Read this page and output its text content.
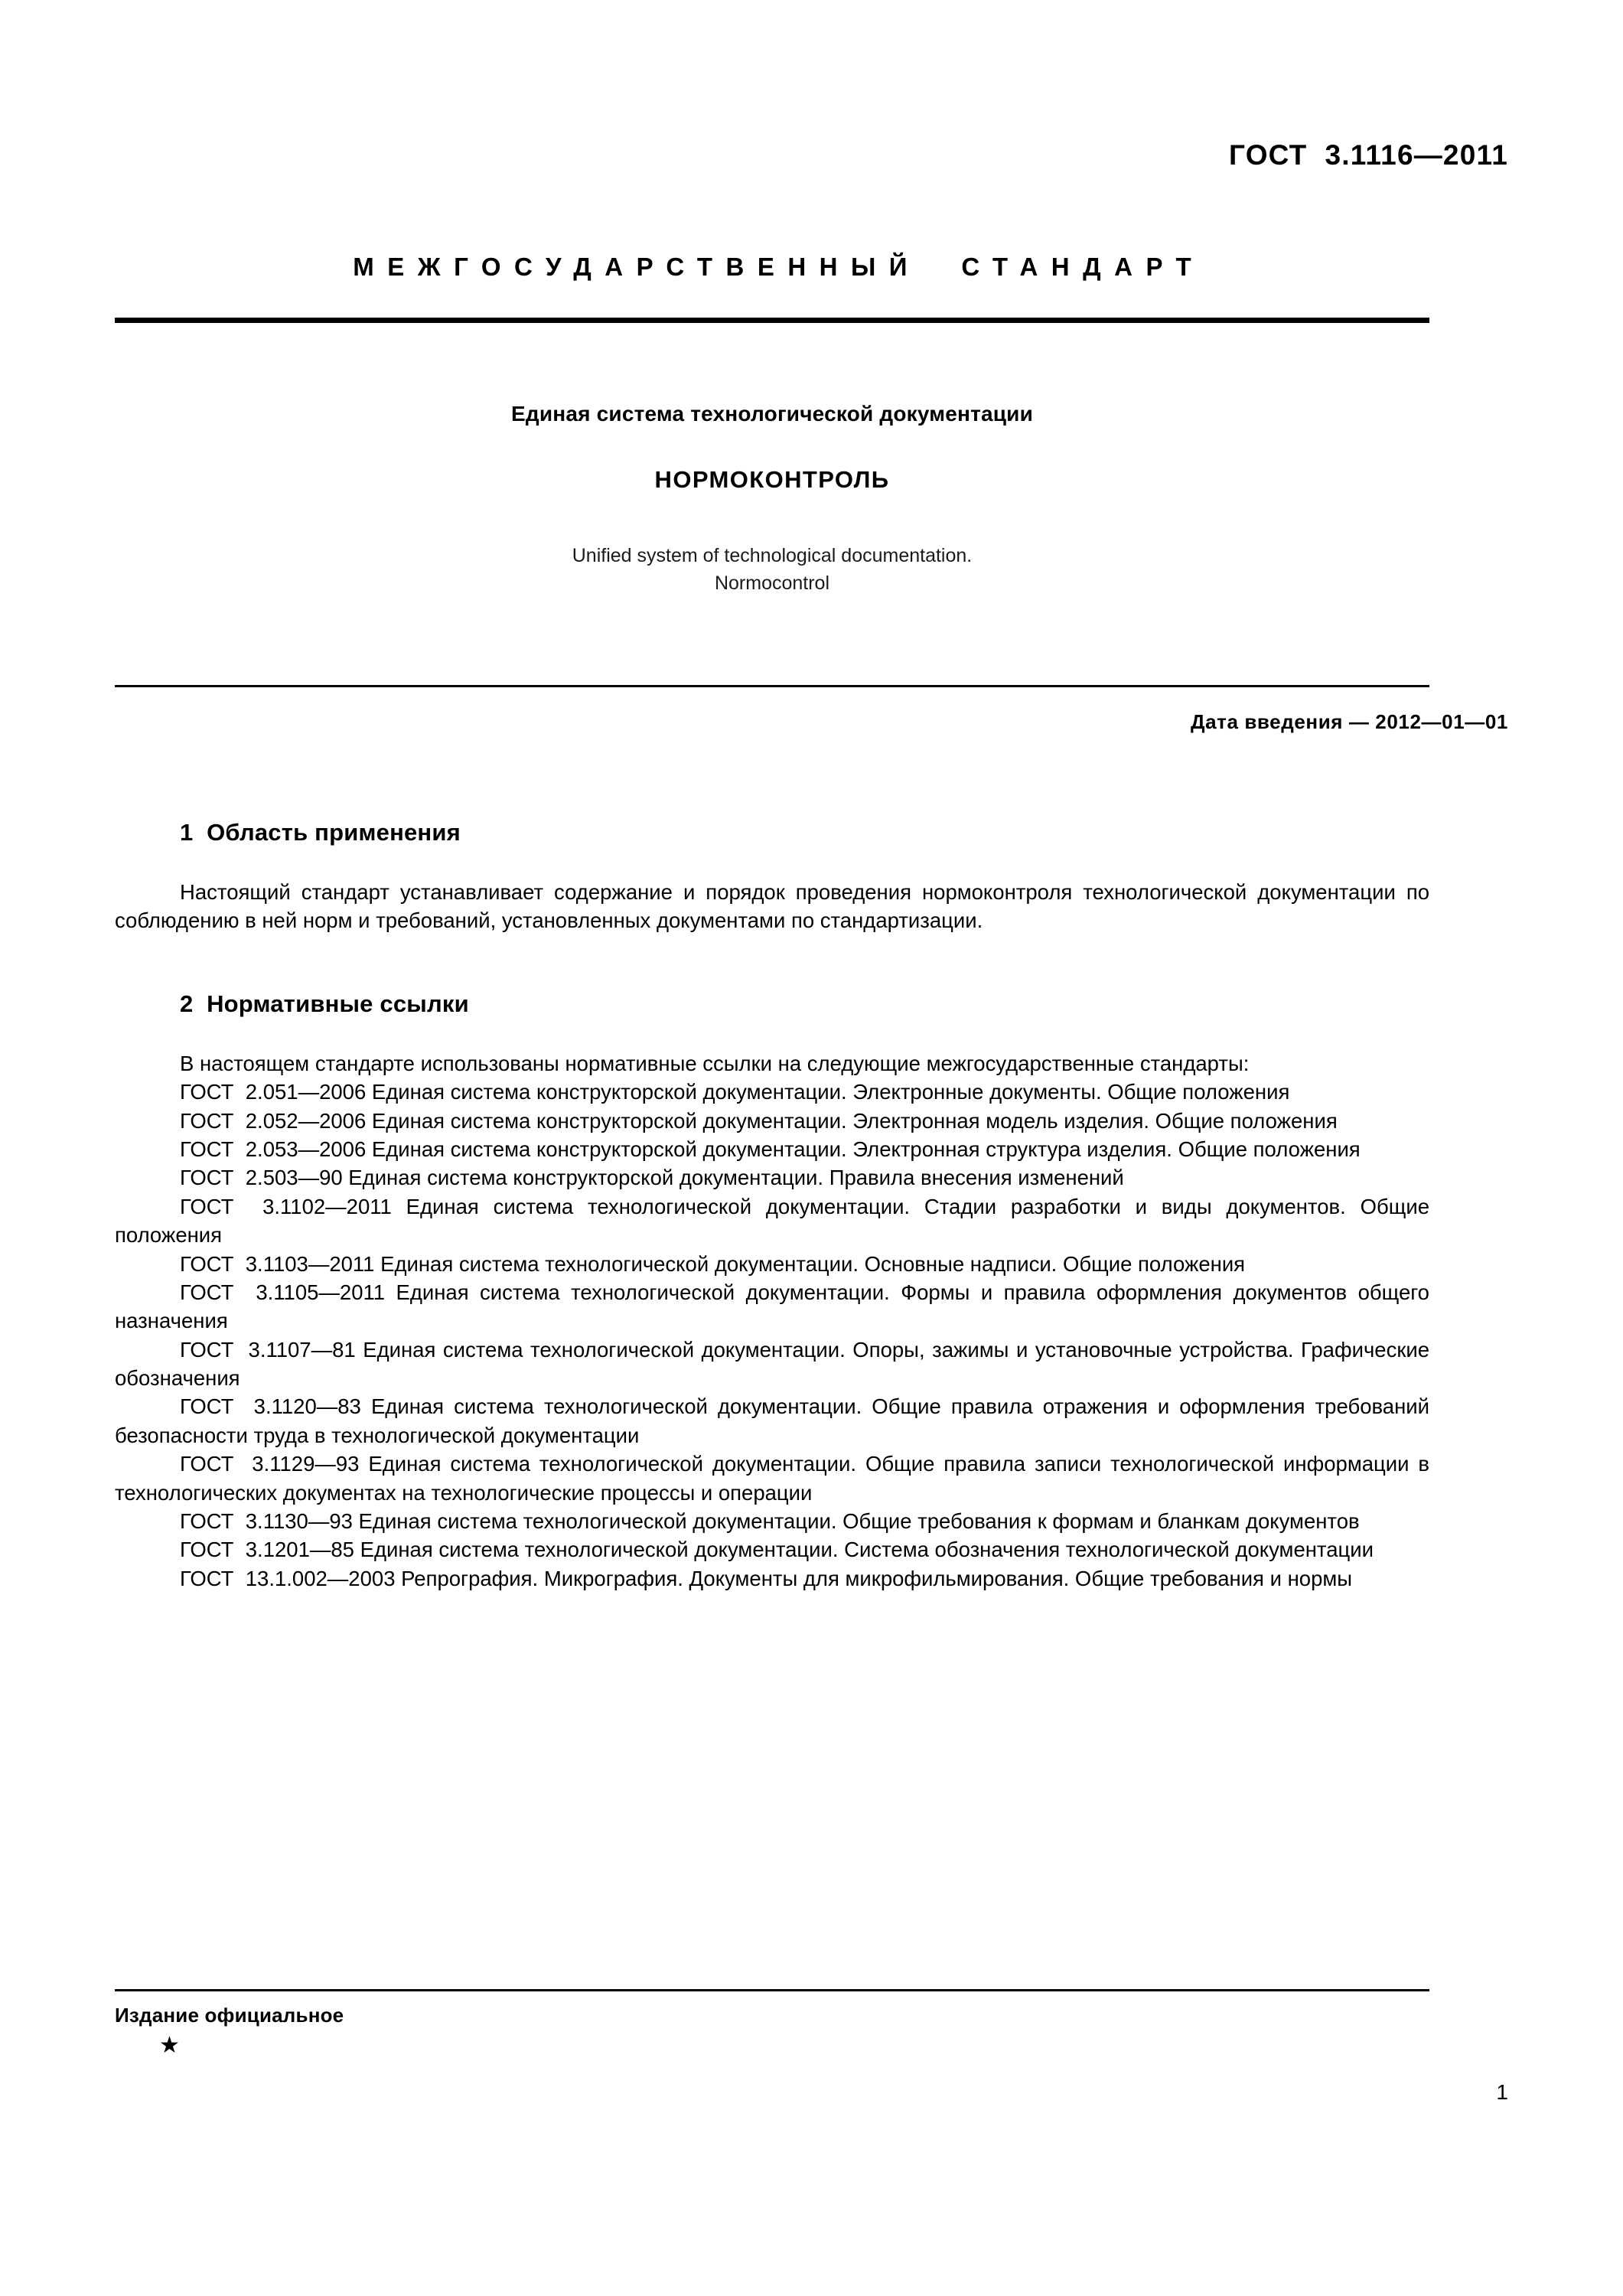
ГОСТ  3.1116—2011
МЕЖГОСУДАРСТВЕННЫЙ  СТАНДАРТ
Единая система технологической документации
НОРМОКОНТРОЛЬ
Unified system of technological documentation.
Normocontrol
Дата введения — 2012—01—01
1  Область применения

Настоящий стандарт устанавливает содержание и порядок проведения нормоконтроля технологической документации по соблюдению в ней норм и требований, установленных документами по стандартизации.

2  Нормативные ссылки

В настоящем стандарте использованы нормативные ссылки на следующие межгосударственные стандарты:

ГОСТ  2.051—2006 Единая система конструкторской документации. Электронные документы. Общие положения
ГОСТ  2.052—2006 Единая система конструкторской документации. Электронная модель изделия. Общие положения
ГОСТ  2.053—2006 Единая система конструкторской документации. Электронная структура изделия. Общие положения
ГОСТ  2.503—90 Единая система конструкторской документации. Правила внесения изменений
ГОСТ  3.1102—2011 Единая система технологической документации. Стадии разработки и виды документов. Общие положения
ГОСТ  3.1103—2011 Единая система технологической документации. Основные надписи. Общие положения
ГОСТ  3.1105—2011 Единая система технологической документации. Формы и правила оформления документов общего назначения
ГОСТ  3.1107—81 Единая система технологической документации. Опоры, зажимы и установочные устройства. Графические обозначения
ГОСТ  3.1120—83 Единая система технологической документации. Общие правила отражения и оформления требований безопасности труда в технологической документации
ГОСТ  3.1129—93 Единая система технологической документации. Общие правила записи технологической информации в технологических документах на технологические процессы и операции
ГОСТ  3.1130—93 Единая система технологической документации. Общие требования к формам и бланкам документов
ГОСТ  3.1201—85 Единая система технологической документации. Система обозначения технологической документации
ГОСТ  13.1.002—2003 Репрография. Микрография. Документы для микрофильмирования. Общие требования и нормы
Издание официальное
★
1
